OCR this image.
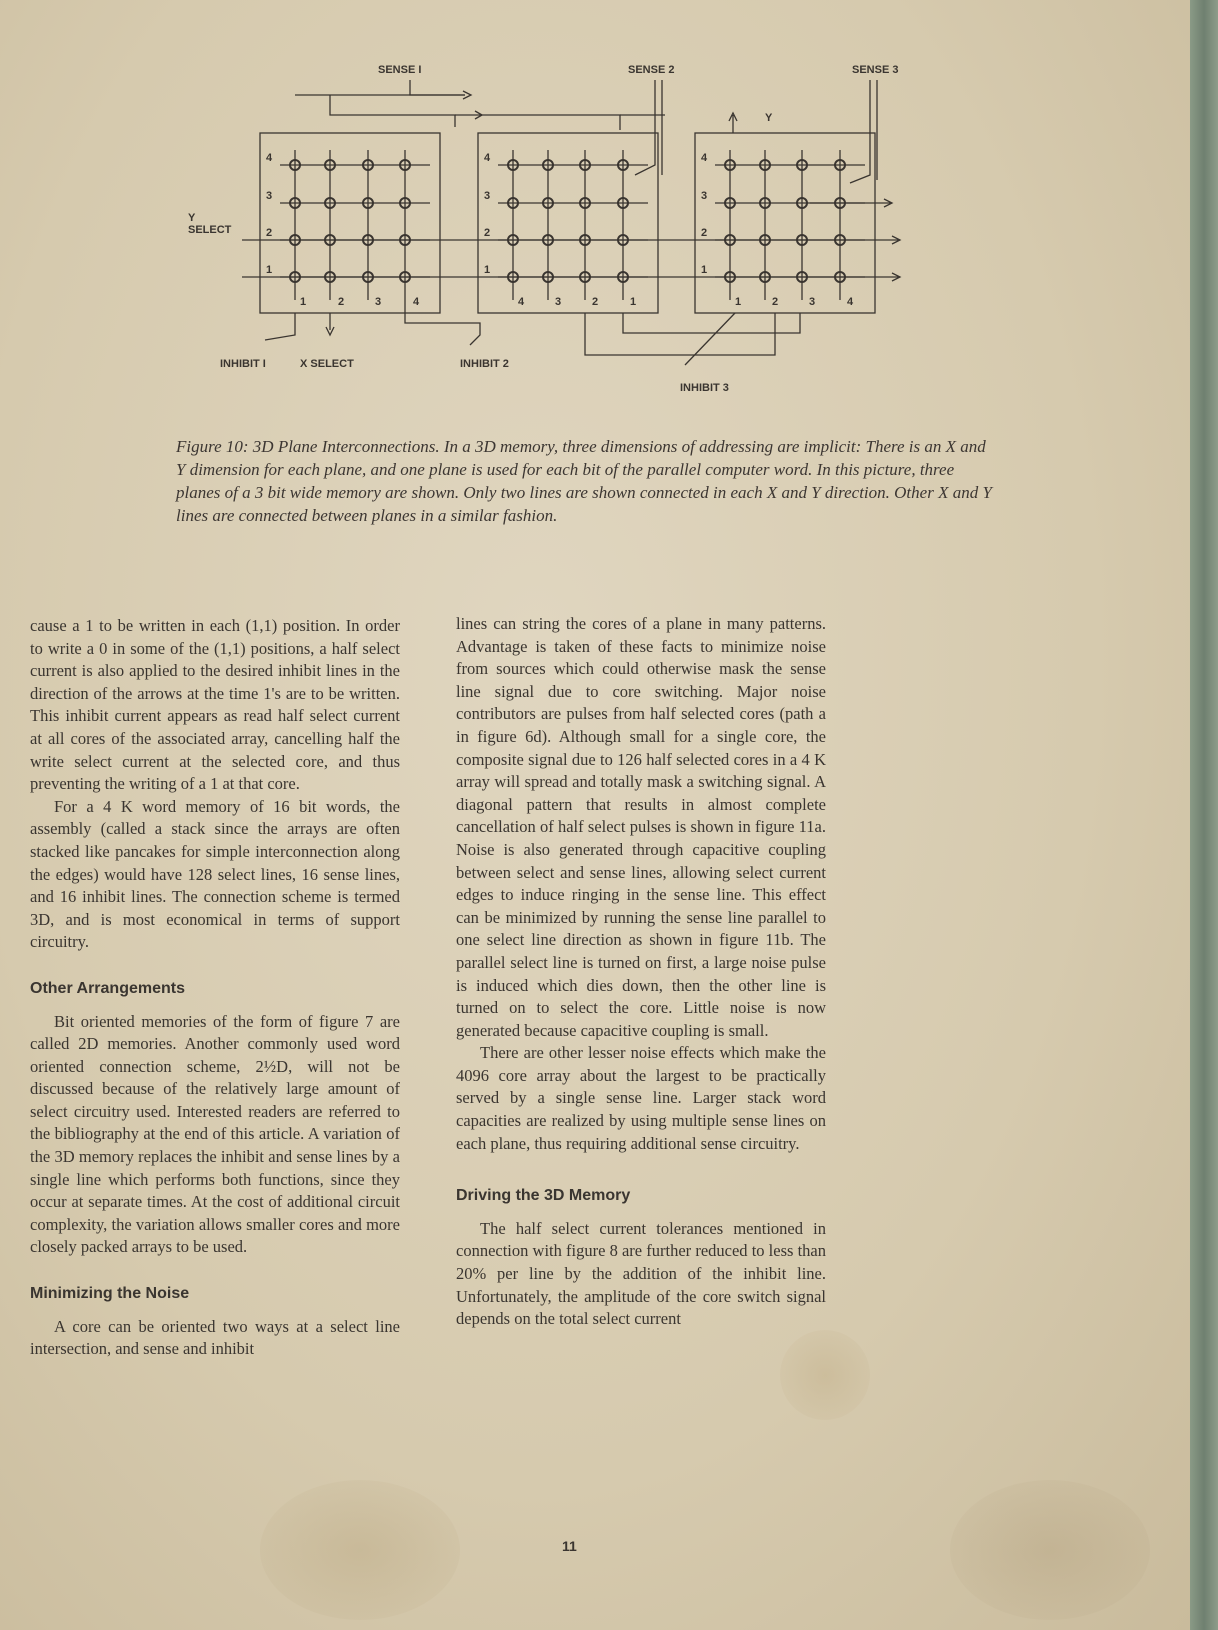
SENSE I	SENSE 2	SENSE 3
Y
Y
SELECT
4
3
2
1
4
3
2
1
4
3
2
1
1	2	3	4	4	3	2	1	1	2	3	4
INHIBIT I	X SELECT	INHIBIT 2
INHIBIT 3
Figure 10: 3D Plane Interconnections. In a 3D memory, three dimensions of addressing are implicit: There is an X and Y dimension for each plane, and one plane is used for each bit of the parallel computer word. In this picture, three planes of a 3 bit wide memory are shown. Only two lines are shown connected in each X and Y direction. Other X and Y lines are connected between planes in a similar fashion.

cause a 1 to be written in each (1,1) position. In order to write a 0 in some of the (1,1) positions, a half select current is also applied to the desired inhibit lines in the direction of the arrows at the time 1's are to be written. This inhibit current appears as read half select current at all cores of the associated array, cancelling half the write select current at the selected core, and thus preventing the writing of a 1 at that core.

For a 4 K word memory of 16 bit words, the assembly (called a stack since the arrays are often stacked like pancakes for simple interconnection along the edges) would have 128 select lines, 16 sense lines, and 16 inhibit lines. The connection scheme is termed 3D, and is most economical in terms of support circuitry.

Other Arrangements

Bit oriented memories of the form of figure 7 are called 2D memories. Another commonly used word oriented connection scheme, 2½D, will not be discussed because of the relatively large amount of select circuitry used. Interested readers are referred to the bibliography at the end of this article. A variation of the 3D memory replaces the inhibit and sense lines by a single line which performs both functions, since they occur at separate times. At the cost of additional circuit complexity, the variation allows smaller cores and more closely packed arrays to be used.

Minimizing the Noise

A core can be oriented two ways at a select line intersection, and sense and inhibit

lines can string the cores of a plane in many patterns. Advantage is taken of these facts to minimize noise from sources which could otherwise mask the sense line signal due to core switching. Major noise contributors are pulses from half selected cores (path a in figure 6d). Although small for a single core, the composite signal due to 126 half selected cores in a 4 K array will spread and totally mask a switching signal. A diagonal pattern that results in almost complete cancellation of half select pulses is shown in figure 11a. Noise is also generated through capacitive coupling between select and sense lines, allowing select current edges to induce ringing in the sense line. This effect can be minimized by running the sense line parallel to one select line direction as shown in figure 11b. The parallel select line is turned on first, a large noise pulse is induced which dies down, then the other line is turned on to select the core. Little noise is now generated because capacitive coupling is small.

There are other lesser noise effects which make the 4096 core array about the largest to be practically served by a single sense line. Larger stack word capacities are realized by using multiple sense lines on each plane, thus requiring additional sense circuitry.

Driving the 3D Memory

The half select current tolerances mentioned in connection with figure 8 are further reduced to less than 20% per line by the addition of the inhibit line. Unfortunately, the amplitude of the core switch signal depends on the total select current

11
